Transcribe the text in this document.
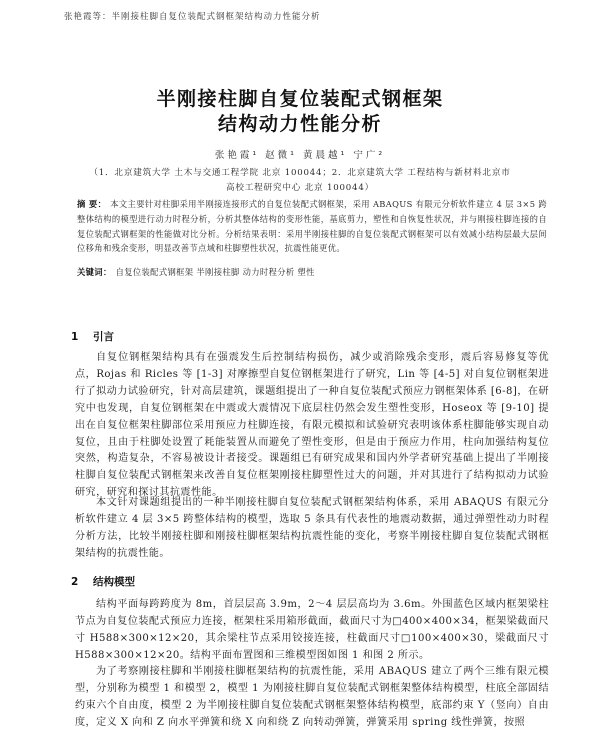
张艳霞等：半刚接柱脚自复位装配式钢框架结构动力性能分析
半刚接柱脚自复位装配式钢框架
结构动力性能分析
张艳霞¹ 赵微¹ 黄晨越¹ 宁广²
（1．北京建筑大学 土木与交通工程学院 北京 100044；2．北京建筑大学 工程结构与新材料北京市
高校工程研究中心 北京 100044）
摘 要： 本文主要针对柱脚采用半刚接连接形式的自复位装配式钢框架，采用 ABAQUS 有限元分析软件建立 4 层 3×5 跨整体结构的模型进行动力时程分析，分析其整体结构的变形性能，基底剪力，塑性和自恢复性状况，并与刚接柱脚连接的自复位装配式钢框架的性能做对比分析。分析结果表明：采用半刚接柱脚的自复位装配式钢框架可以有效减小结构层最大层间位移角和残余变形，明显改善节点域和柱脚塑性状况，抗震性能更优。
关键词： 自复位装配式钢框架 半刚接柱脚 动力时程分析 塑性
1 引言
自复位钢框架结构具有在强震发生后控制结构损伤，减少或消除残余变形，震后容易修复等优点，Rojas 和 Ricles 等 [1-3] 对摩擦型自复位钢框架进行了研究，Lin 等 [4-5] 对自复位钢框架进行了拟动力试验研究，针对高层建筑，课题组提出了一种自复位装配式预应力钢框架体系 [6-8]，在研究中也发现，自复位钢框架在中震或大震情况下底层柱仍然会发生塑性变形，Hoseox 等 [9-10] 提出在自复位框架柱脚部位采用预应力柱脚连接，有限元模拟和试验研究表明该体系柱脚能够实现自动复位，且由于柱脚处设置了耗能装置从而避免了塑性变形，但是由于预应力作用，柱向加强结构复位突然，构造复杂，不容易被设计者接受。课题组已有研究成果和国内外学者研究基础上提出了半刚接柱脚自复位装配式钢框架来改善自复位框架刚接柱脚塑性过大的问题，并对其进行了结构拟动力试验研究，研究和探讨其抗震性能。
本文针对课题组提出的一种半刚接柱脚自复位装配式钢框架结构体系，采用 ABAQUS 有限元分析软件建立 4 层 3×5 跨整体结构的模型，选取 5 条具有代表性的地震动数据，通过弹塑性动力时程分析方法，比较半刚接柱脚和刚接柱脚框架结构抗震性能的变化，考察半刚接柱脚自复位装配式钢框架结构的抗震性能。
2 结构模型
结构平面每跨跨度为 8m，首层层高 3.9m，2～4 层层高均为 3.6m。外围蓝色区域内框架梁柱节点为自复位装配式预应力连接，框架柱采用箱形截面，截面尺寸为□400×400×34，框架梁截面尺寸 H588×300×12×20，其余梁柱节点采用铰接连接，柱截面尺寸□100×400×30，梁截面尺寸 H588×300×12×20。结构平面布置图和三维模型图如图 1 和图 2 所示。
为了考察刚接柱脚和半刚接柱脚框架结构的抗震性能，采用 ABAQUS 建立了两个三维有限元模型，分别称为模型 1 和模型 2，模型 1 为刚接柱脚自复位装配式钢框架整体结构模型，柱底全部固结约束六个自由度，模型 2 为半刚接柱脚自复位装配式钢框架整体结构模型，底部约束 Y（竖向）自由度，定义 X 向和 Z 向水平弹簧和绕 X 向和绕 Z 向转动弹簧，弹簧采用 spring 线性弹簧，按照
